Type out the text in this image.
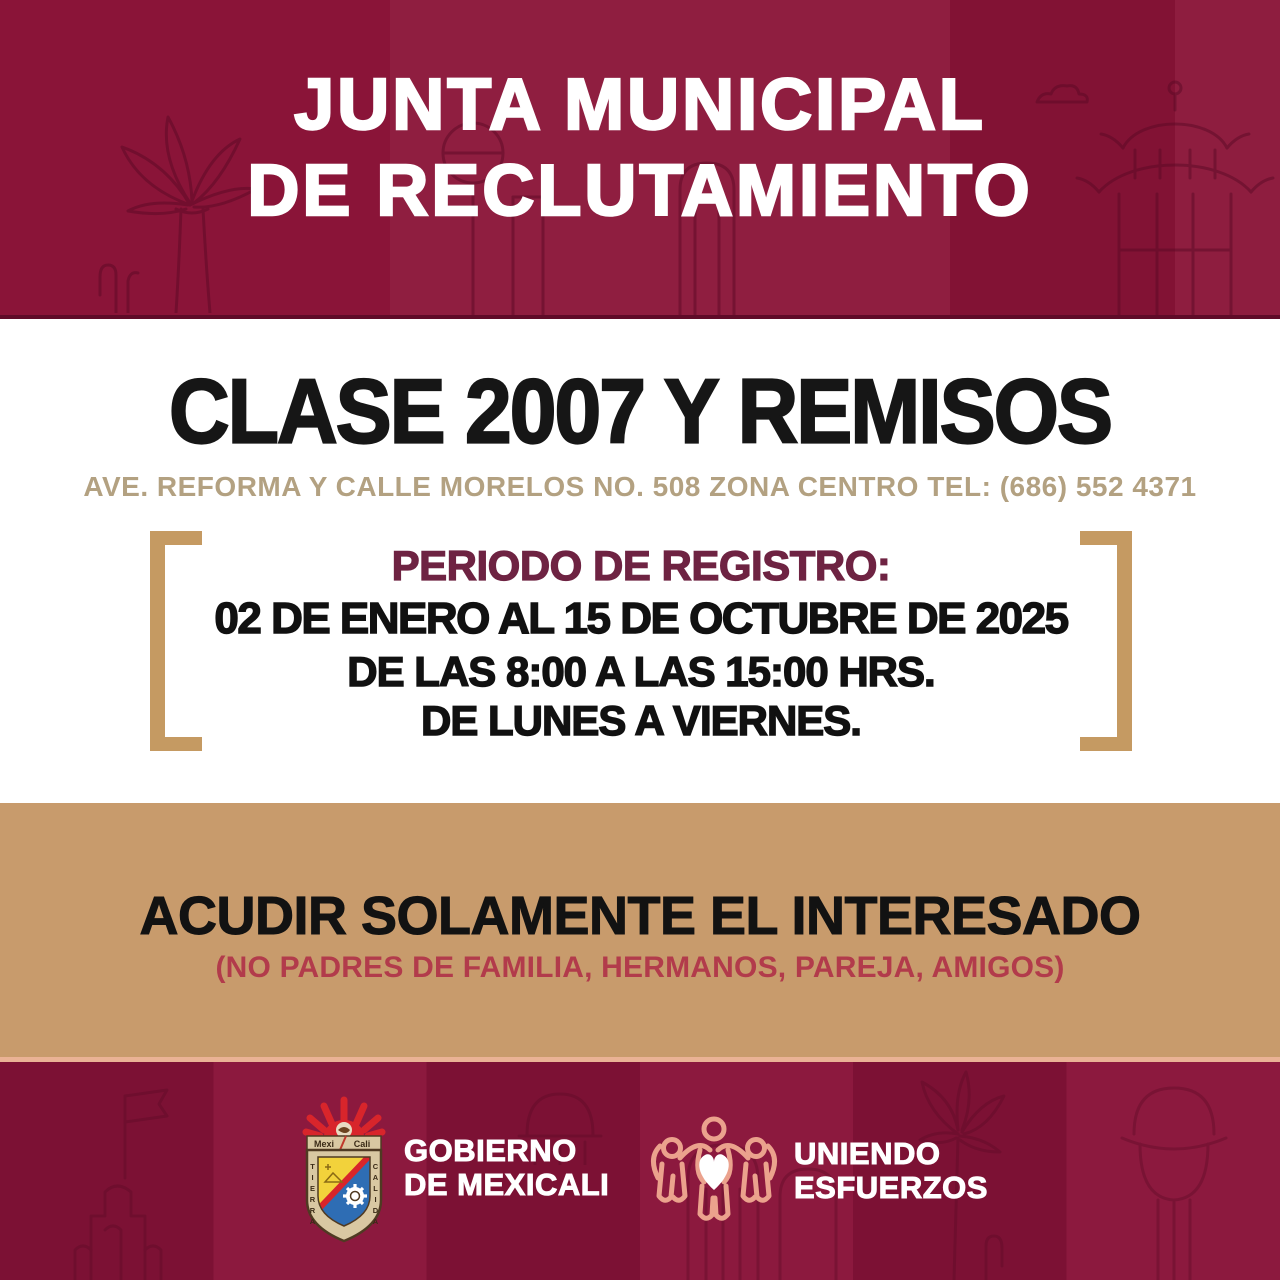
JUNTA MUNICIPAL
DE RECLUTAMIENTO
CLASE 2007 Y REMISOS

AVE. REFORMA Y CALLE MORELOS NO. 508 ZONA CENTRO TEL: (686) 552 4371

PERIODO DE REGISTRO:

02 DE ENERO AL 15 DE OCTUBRE DE 2025

DE LAS 8:00 A LAS 15:00 HRS.

DE LUNES A VIERNES.

ACUDIR SOLAMENTE EL INTERESADO

(NO PADRES DE FAMILIA, HERMANOS, PAREJA, AMIGOS)

Mexi Cali
TIERRA	CALIDA
GOBIERNO
DE MEXICALI
UNIENDO
ESFUERZOS
